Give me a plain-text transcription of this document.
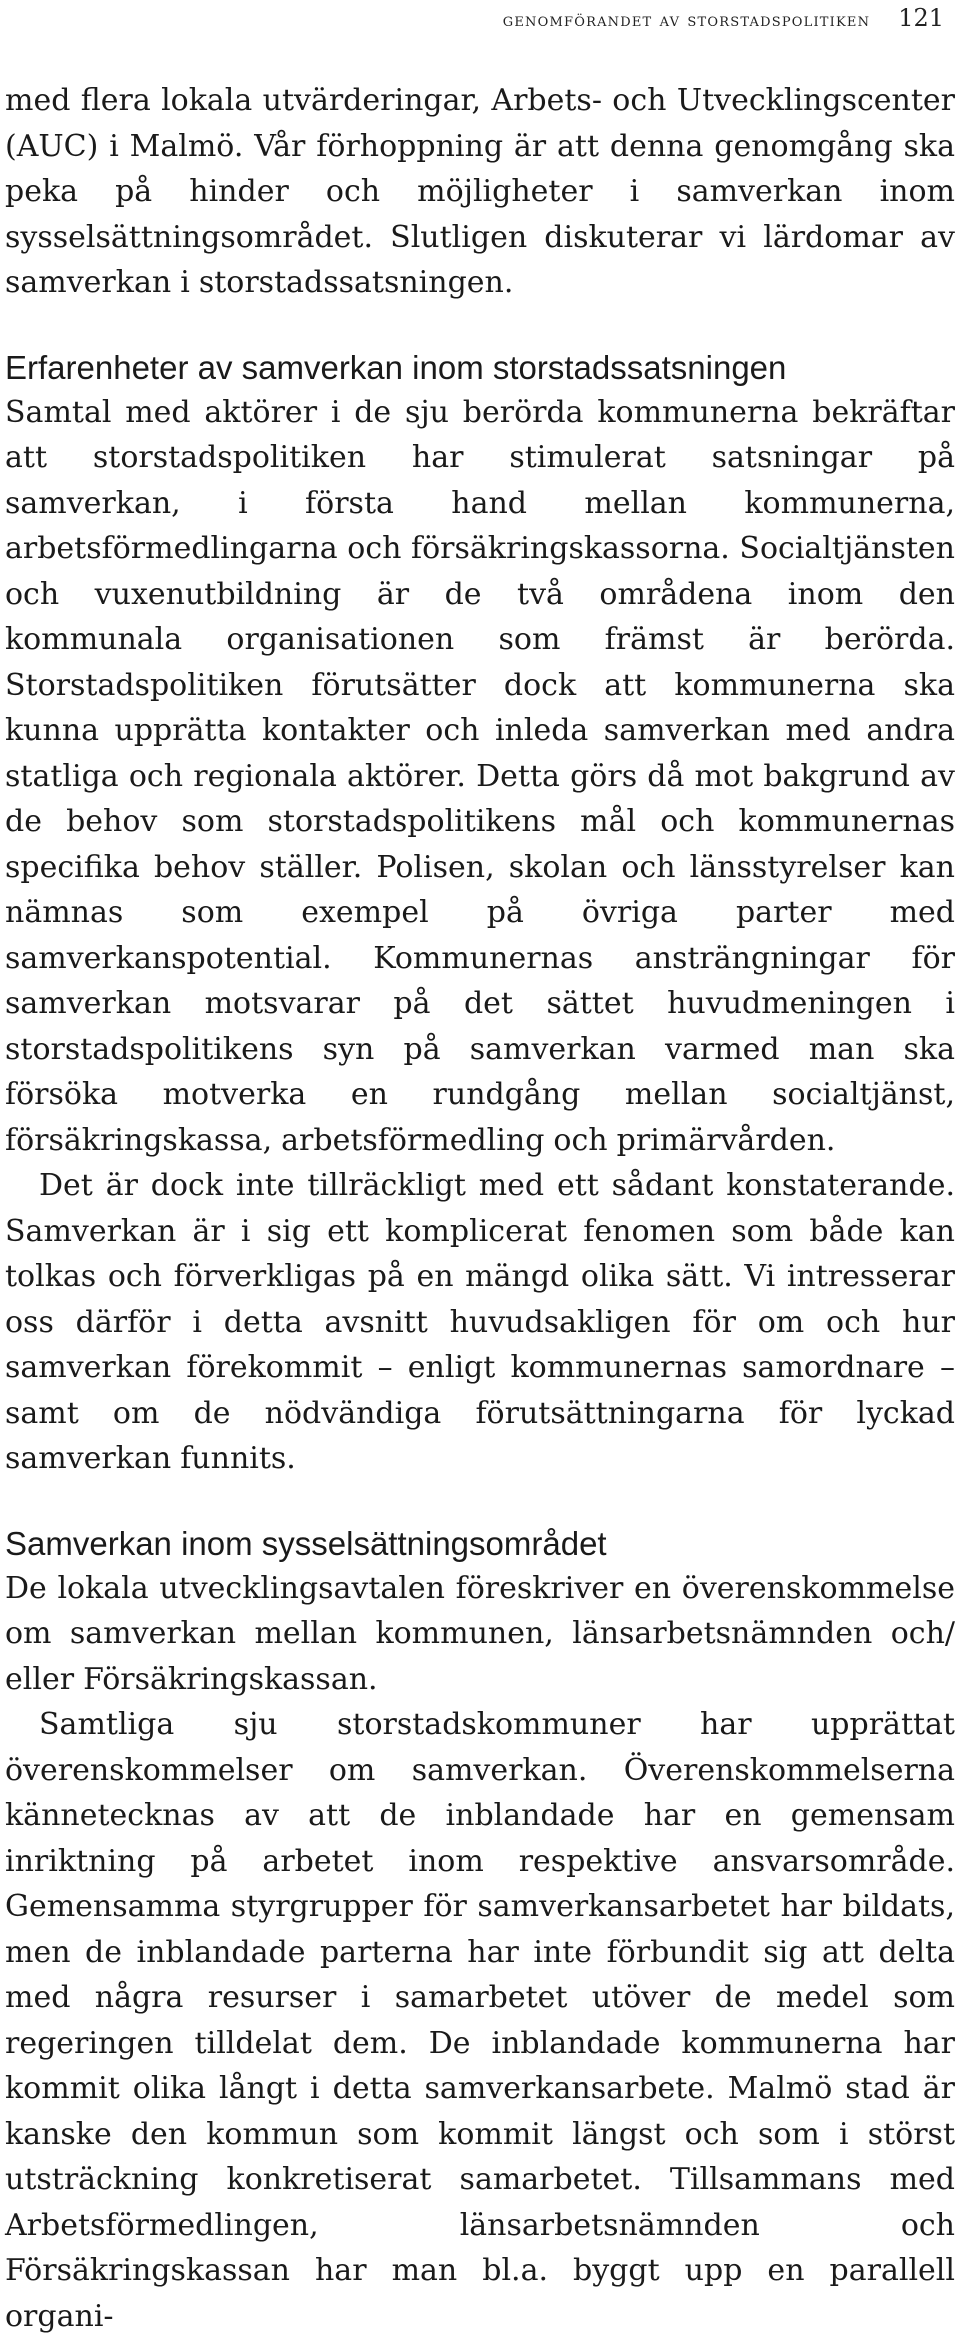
genomförandet av storstadspolitiken 121

med flera lokala utvärderingar, Arbets- och Utvecklingscenter (AUC) i Malmö. Vår förhoppning är att denna genomgång ska peka på hinder och möjligheter i samverkan inom sysselsättningsområdet. Slutligen diskuterar vi lärdomar av samverkan i storstadssatsningen.

Erfarenheter av samverkan inom storstadssatsningen

Samtal med aktörer i de sju berörda kommunerna bekräftar att storstadspolitiken har stimulerat satsningar på samverkan, i första hand mellan kommunerna, arbetsförmedlingarna och försäkringskassorna. Socialtjänsten och vuxenutbildning är de två områdena inom den kommunala organisationen som främst är berörda. Storstadspolitiken förutsätter dock att kommunerna ska kunna upprätta kontakter och inleda samverkan med andra statliga och regionala aktörer. Detta görs då mot bakgrund av de behov som storstadspolitikens mål och kommunernas specifika behov ställer. Polisen, skolan och länsstyrelser kan nämnas som exempel på övriga parter med samverkanspotential. Kommunernas ansträngningar för samverkan motsvarar på det sättet huvudmeningen i storstadspolitikens syn på samverkan varmed man ska försöka motverka en rundgång mellan socialtjänst, försäkringskassa, arbetsförmedling och primärvården.

Det är dock inte tillräckligt med ett sådant konstaterande. Samverkan är i sig ett komplicerat fenomen som både kan tolkas och förverkligas på en mängd olika sätt. Vi intresserar oss därför i detta avsnitt huvudsakligen för om och hur samverkan förekommit – enligt kommunernas samordnare – samt om de nödvändiga förutsättningarna för lyckad samverkan funnits.

Samverkan inom sysselsättningsområdet

De lokala utvecklingsavtalen föreskriver en överenskommelse om samverkan mellan kommunen, länsarbetsnämnden och/ eller Försäkringskassan.

Samtliga sju storstadskommuner har upprättat överenskommelser om samverkan. Överenskommelserna kännetecknas av att de inblandade har en gemensam inriktning på arbetet inom respektive ansvarsområde. Gemensamma styrgrupper för samverkansarbetet har bildats, men de inblandade parterna har inte förbundit sig att delta med några resurser i samarbetet utöver de medel som regeringen tilldelat dem. De inblandade kommunerna har kommit olika långt i detta samverkansarbete. Malmö stad är kanske den kommun som kommit längst och som i störst utsträckning konkretiserat samarbetet. Tillsammans med Arbetsförmedlingen, länsarbetsnämnden och Försäkringskassan har man bl.a. byggt upp en parallell organi-
